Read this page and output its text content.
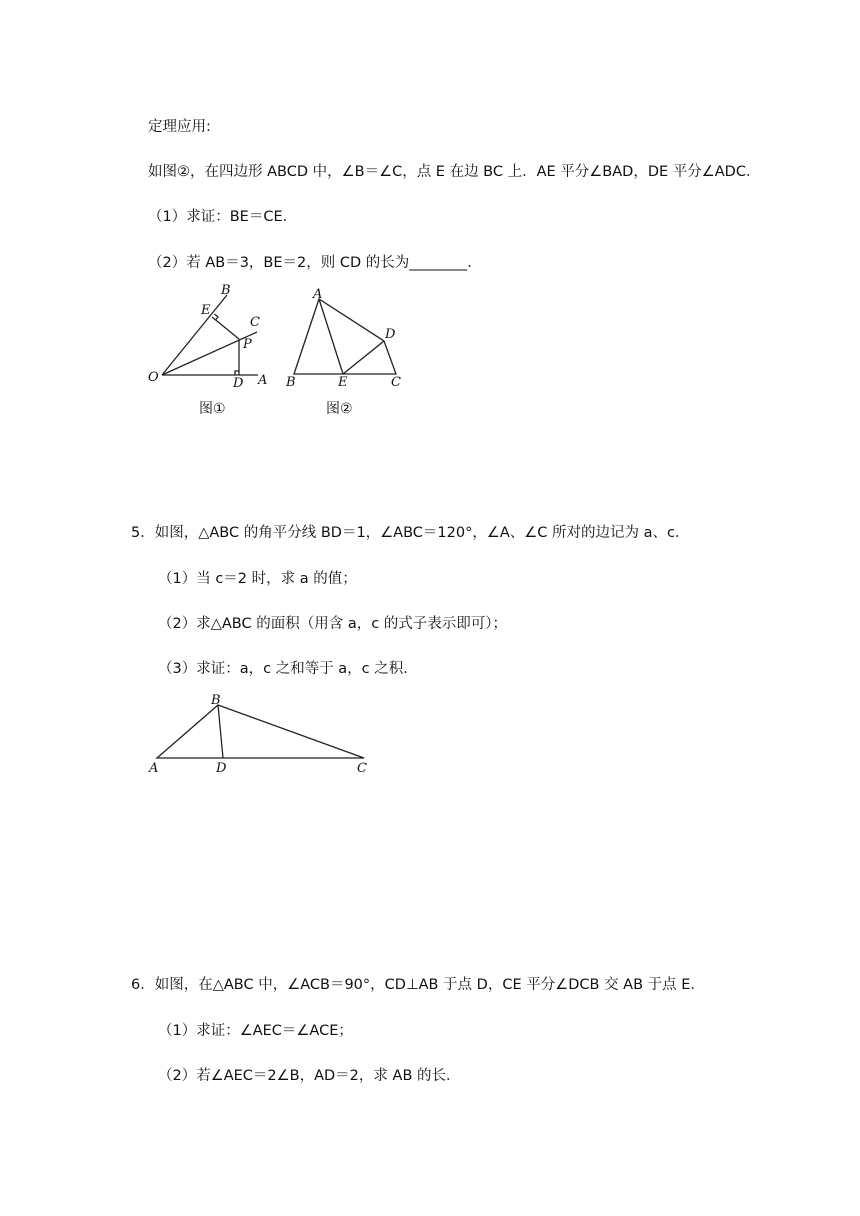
定理应用:
如图②，在四边形 ABCD 中，∠B＝∠C，点 E 在边 BC 上．AE 平分∠BAD，DE 平分∠ADC．
（1）求证：BE＝CE．
（2）若 AB＝3，BE＝2，则 CD 的长为________．
O	A
B
C
D
E
P
图①
A
B	C
D
E
图②
5．如图，△ABC 的角平分线 BD＝1，∠ABC＝120°，∠A、∠C 所对的边记为 a、c．
（1）当 c＝2 时，求 a 的值；
（2）求△ABC 的面积（用含 a，c 的式子表示即可）；
（3）求证：a，c 之和等于 a，c 之积．
A
B
C
D
6．如图，在△ABC 中，∠ACB＝90°，CD⊥AB 于点 D，CE 平分∠DCB 交 AB 于点 E．
（1）求证：∠AEC＝∠ACE；
（2）若∠AEC＝2∠B，AD＝2，求 AB 的长．
